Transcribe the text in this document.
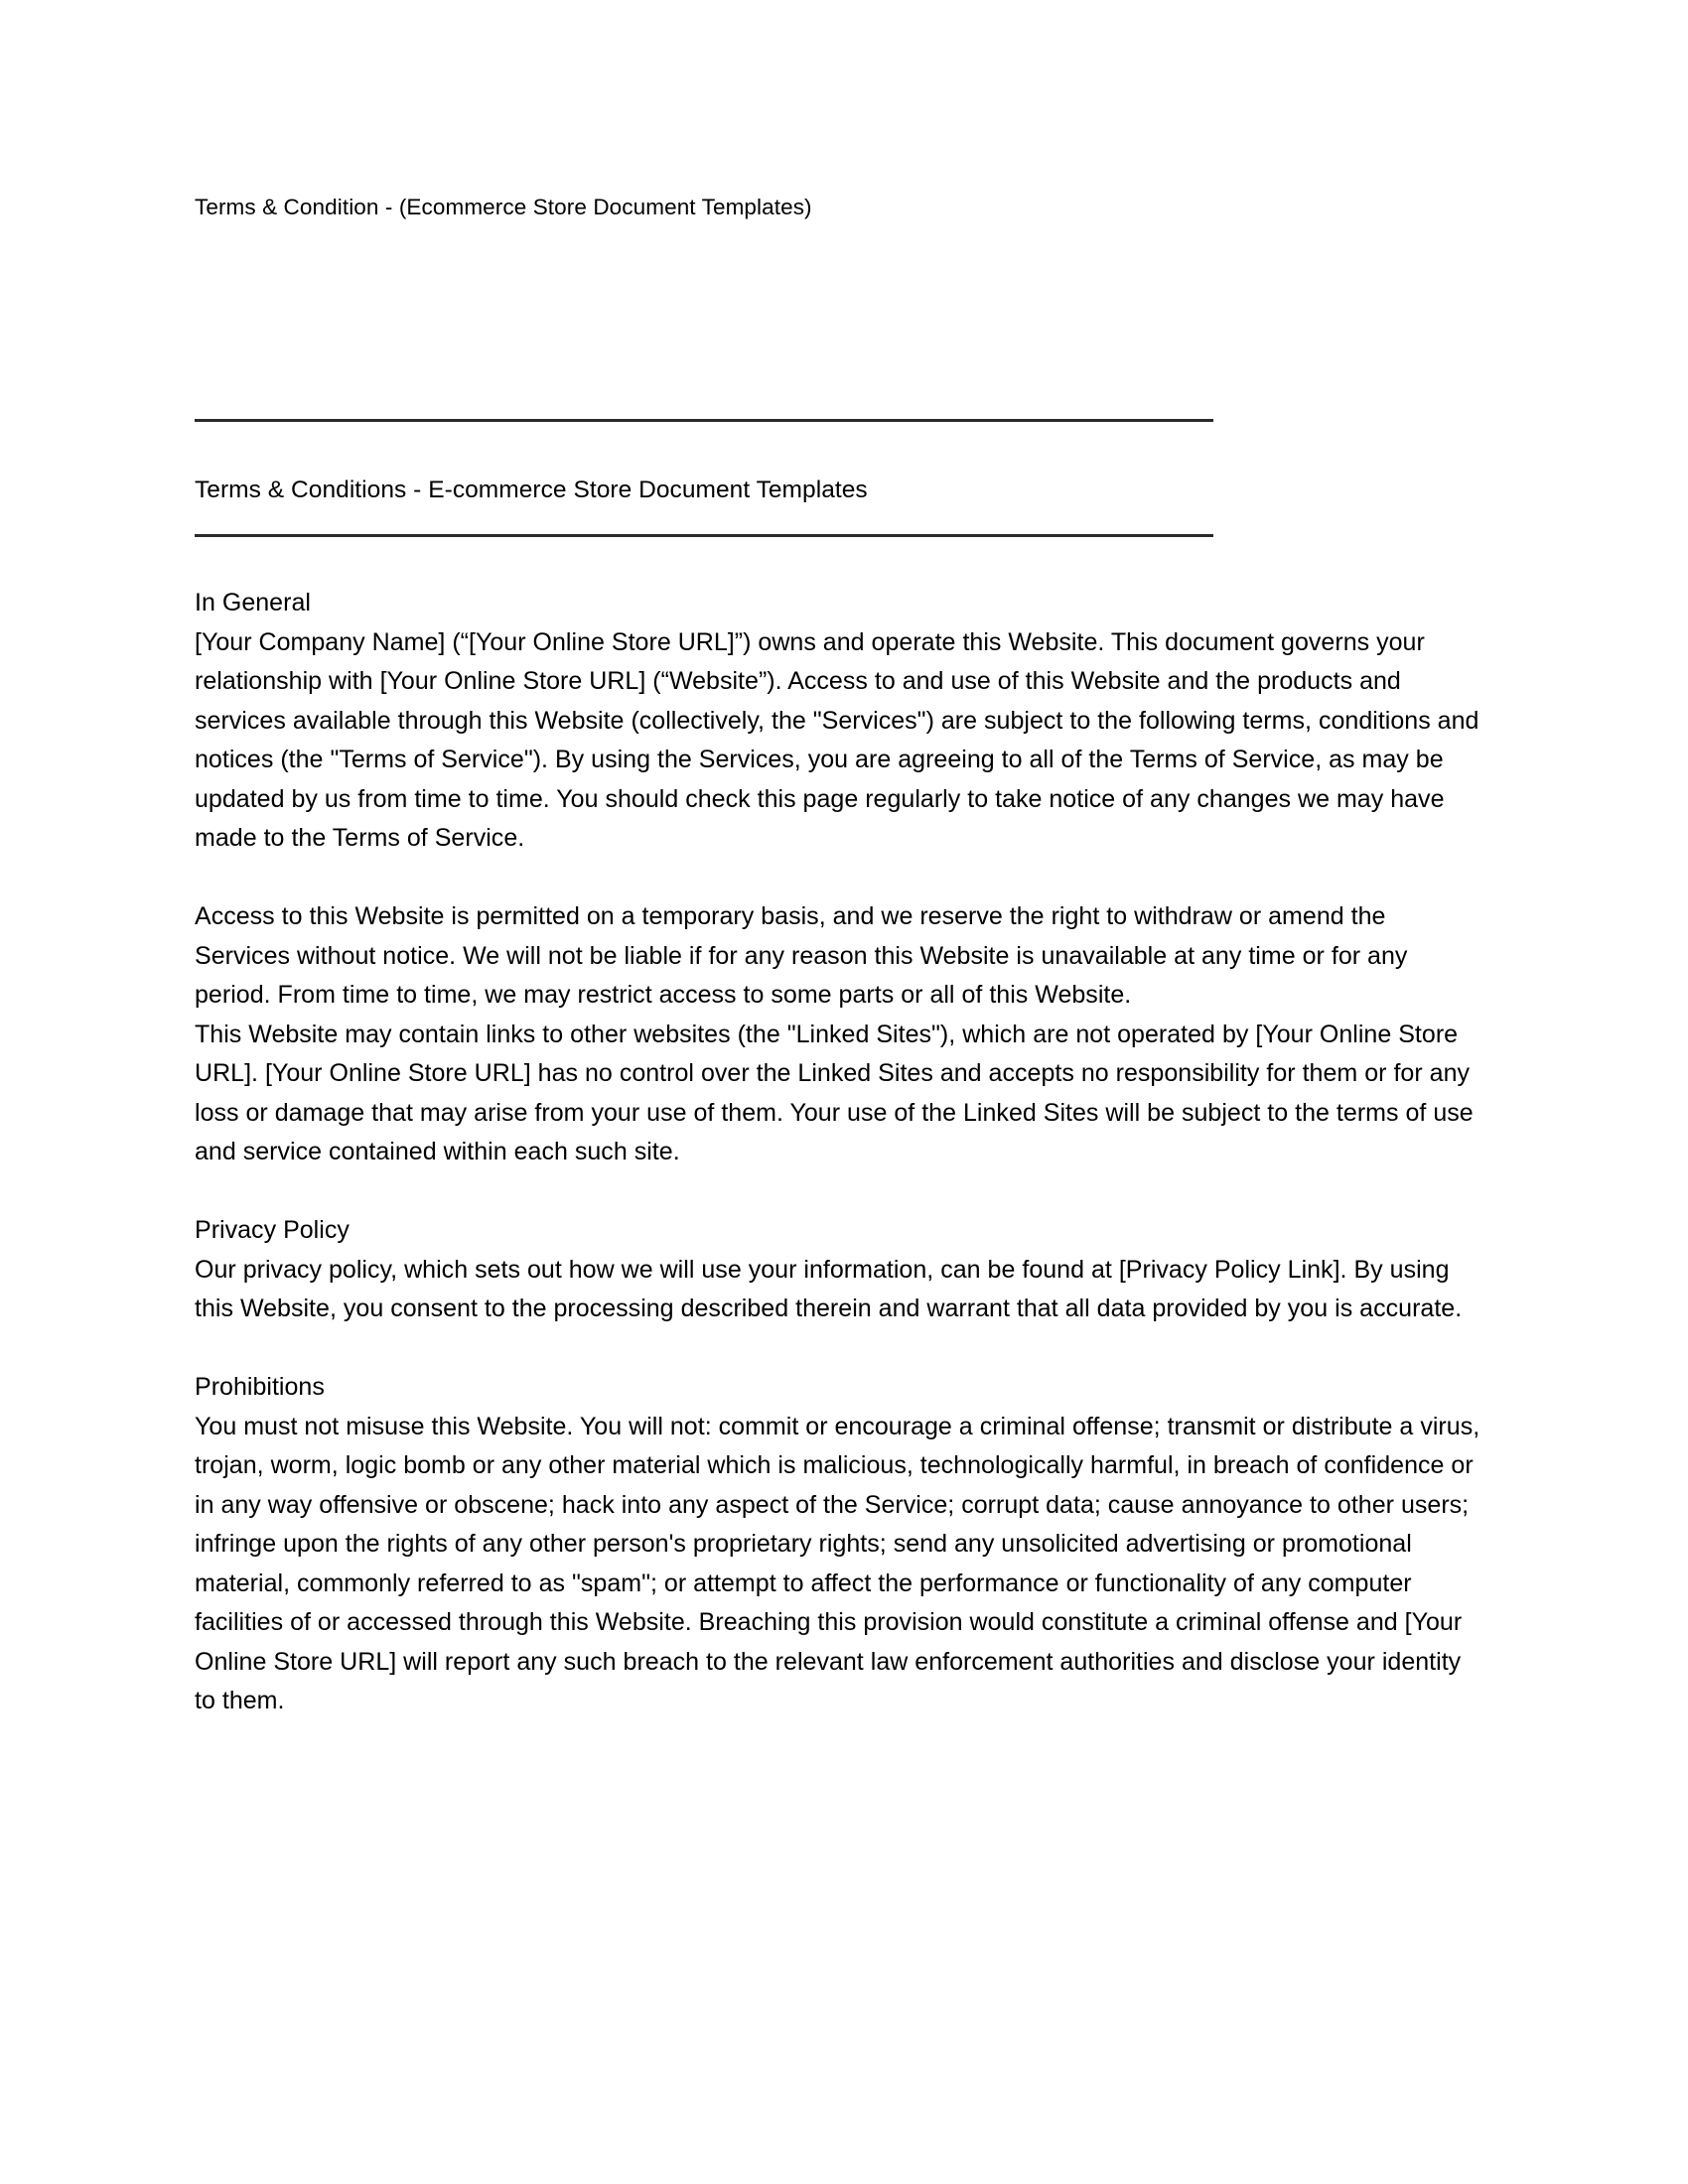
Terms & Condition - (Ecommerce Store Document Templates)
Terms & Conditions - E-commerce Store Document Templates

In General

[Your Company Name] (“[Your Online Store URL]”) owns and operate this Website. This document governs your relationship with [Your Online Store URL] (“Website”). Access to and use of this Website and the products and services available through this Website (collectively, the "Services") are subject to the following terms, conditions and notices (the "Terms of Service"). By using the Services, you are agreeing to all of the Terms of Service, as may be updated by us from time to time. You should check this page regularly to take notice of any changes we may have made to the Terms of Service.

Access to this Website is permitted on a temporary basis, and we reserve the right to withdraw or amend the Services without notice. We will not be liable if for any reason this Website is unavailable at any time or for any period. From time to time, we may restrict access to some parts or all of this Website.

This Website may contain links to other websites (the "Linked Sites"), which are not operated by [Your Online Store URL]. [Your Online Store URL] has no control over the Linked Sites and accepts no responsibility for them or for any loss or damage that may arise from your use of them. Your use of the Linked Sites will be subject to the terms of use and service contained within each such site.

Privacy Policy

Our privacy policy, which sets out how we will use your information, can be found at [Privacy Policy Link]. By using this Website, you consent to the processing described therein and warrant that all data provided by you is accurate.

Prohibitions

You must not misuse this Website. You will not: commit or encourage a criminal offense; transmit or distribute a virus, trojan, worm, logic bomb or any other material which is malicious, technologically harmful, in breach of confidence or in any way offensive or obscene; hack into any aspect of the Service; corrupt data; cause annoyance to other users; infringe upon the rights of any other person's proprietary rights; send any unsolicited advertising or promotional material, commonly referred to as "spam"; or attempt to affect the performance or functionality of any computer facilities of or accessed through this Website. Breaching this provision would constitute a criminal offense and [Your Online Store URL] will report any such breach to the relevant law enforcement authorities and disclose your identity to them.
